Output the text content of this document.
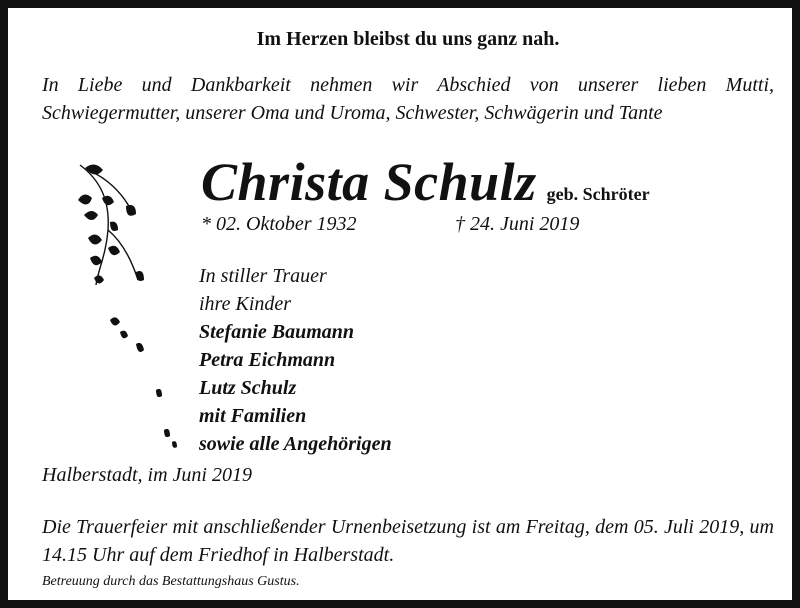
Im Herzen bleibst du uns ganz nah.
In Liebe und Dankbarkeit nehmen wir Abschied von unserer lieben Mutti, Schwiegermutter, unserer Oma und Uroma, Schwester, Schwägerin und Tante
Christa Schulz geb. Schröter
* 02. Oktober 1932	† 24. Juni 2019
In stiller Trauer
ihre Kinder
Stefanie Baumann
Petra Eichmann
Lutz Schulz
mit Familien
sowie alle Angehörigen
Halberstadt, im Juni 2019
Die Trauerfeier mit anschließender Urnenbeisetzung ist am Freitag, dem 05. Juli 2019, um 14.15 Uhr auf dem Friedhof in Halberstadt.
Betreuung durch das Bestattungshaus Gustus.
